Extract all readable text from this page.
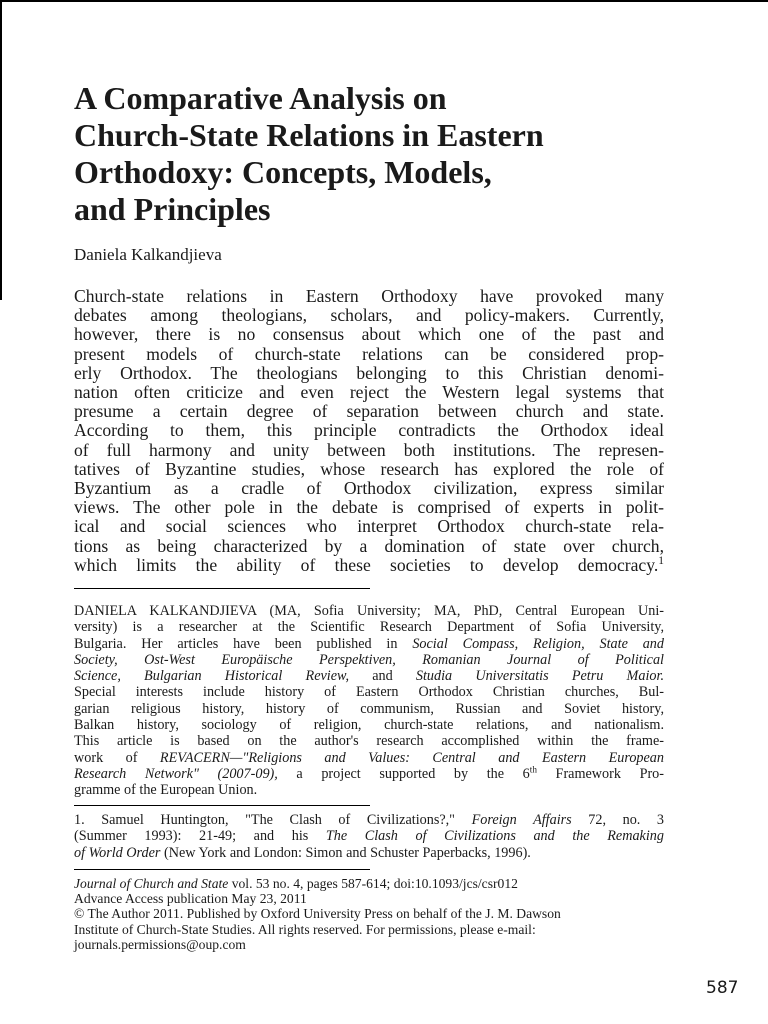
A Comparative Analysis on
Church-State Relations in Eastern
Orthodoxy: Concepts, Models,
and Principles
Daniela Kalkandjieva
Church-state relations in Eastern Orthodoxy have provoked many
debates among theologians, scholars, and policy-makers. Currently,
however, there is no consensus about which one of the past and
present models of church-state relations can be considered prop-
erly Orthodox. The theologians belonging to this Christian denomi-
nation often criticize and even reject the Western legal systems that
presume a certain degree of separation between church and state.
According to them, this principle contradicts the Orthodox ideal
of full harmony and unity between both institutions. The represen-
tatives of Byzantine studies, whose research has explored the role of
Byzantium as a cradle of Orthodox civilization, express similar
views. The other pole in the debate is comprised of experts in polit-
ical and social sciences who interpret Orthodox church-state rela-
tions as being characterized by a domination of state over church,
which limits the ability of these societies to develop democracy.$^1$
DANIELA KALKANDJIEVA (MA, Sofia University; MA, PhD, Central European Uni-
versity) is a researcher at the Scientific Research Department of Sofia University,
Bulgaria. Her articles have been published in Social Compass, Religion, State and
Society, Ost-West Europäische Perspektiven, Romanian Journal of Political
Science, Bulgarian Historical Review, and Studia Universitatis Petru Maior.
Special interests include history of Eastern Orthodox Christian churches, Bul-
garian religious history, history of communism, Russian and Soviet history,
Balkan history, sociology of religion, church-state relations, and nationalism.
This article is based on the author's research accomplished within the frame-
work of REVACERN—"Religions and Values: Central and Eastern European
Research Network" (2007-09), a project supported by the 6th Framework Pro-
gramme of the European Union.
1. Samuel Huntington, "The Clash of Civilizations?," Foreign Affairs 72, no. 3
(Summer 1993): 21-49; and his The Clash of Civilizations and the Remaking
of World Order (New York and London: Simon and Schuster Paperbacks, 1996).
Journal of Church and State vol. 53 no. 4, pages 587-614; doi:10.1093/jcs/csr012
Advance Access publication May 23, 2011
© The Author 2011. Published by Oxford University Press on behalf of the J. M. Dawson
Institute of Church-State Studies. All rights reserved. For permissions, please e-mail:
journals.permissions@oup.com
587
